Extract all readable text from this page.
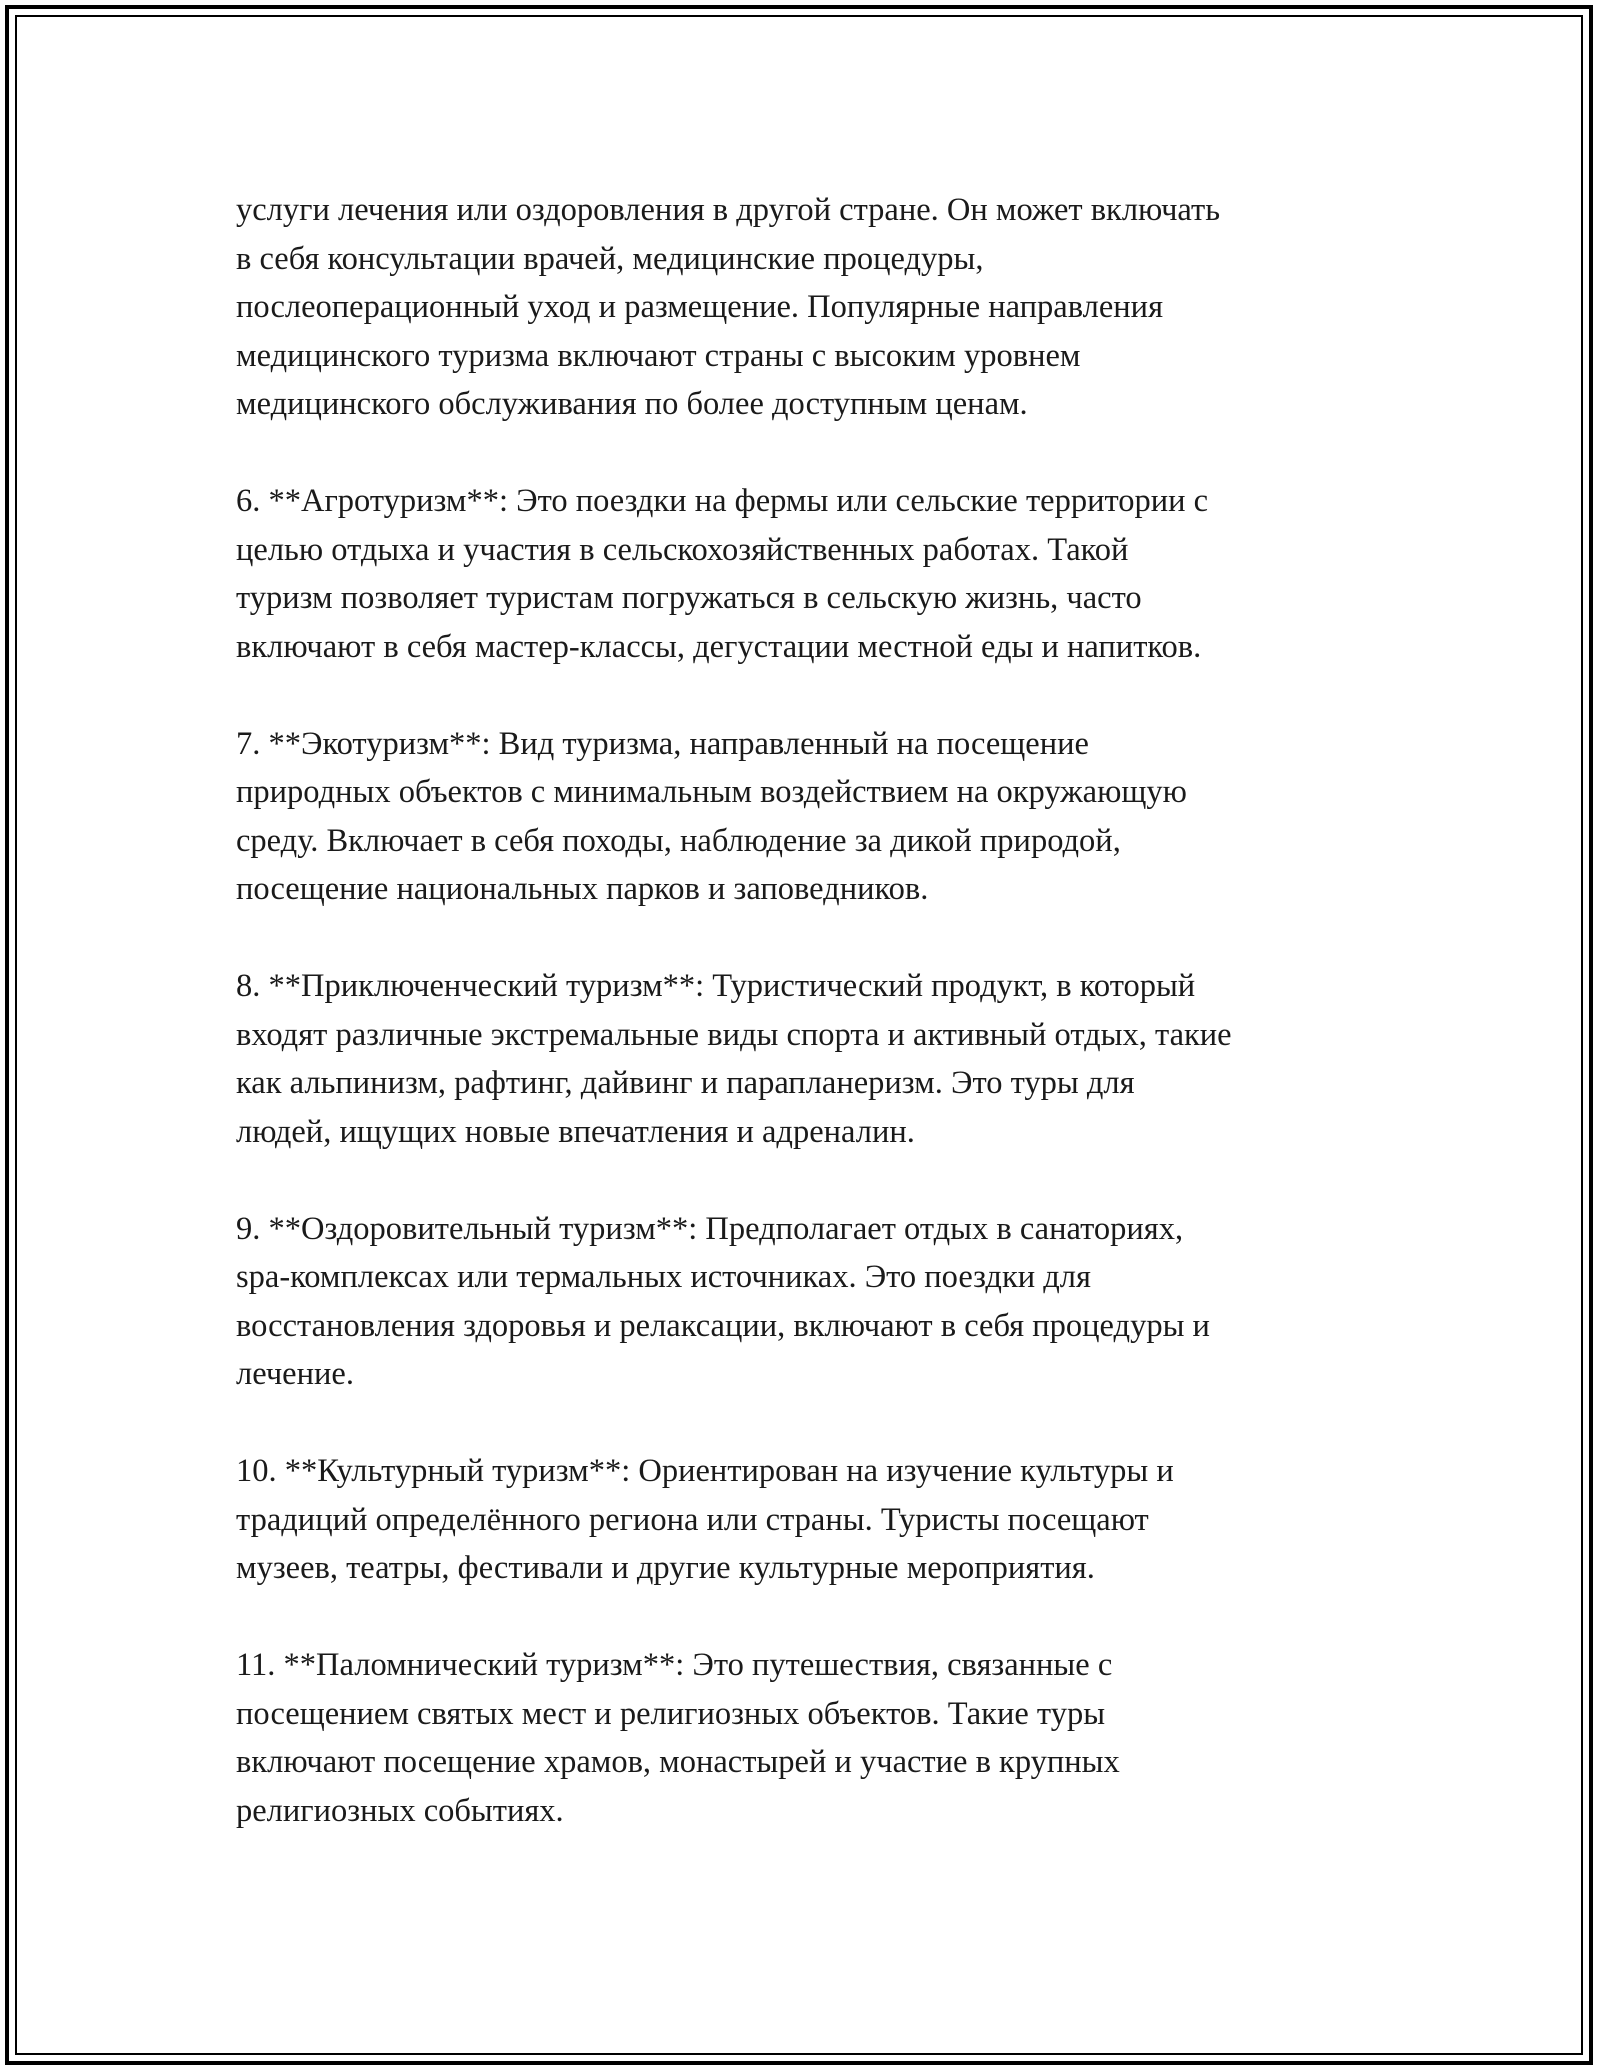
услуги лечения или оздоровления в другой стране. Он может включать
в себя консультации врачей, медицинские процедуры,
послеоперационный уход и размещение. Популярные направления
медицинского туризма включают страны с высоким уровнем
медицинского обслуживания по более доступным ценам.
6. **Агротуризм**: Это поездки на фермы или сельские территории с
целью отдыха и участия в сельскохозяйственных работах. Такой
туризм позволяет туристам погружаться в сельскую жизнь, часто
включают в себя мастер-классы, дегустации местной еды и напитков.
7. **Экотуризм**: Вид туризма, направленный на посещение
природных объектов с минимальным воздействием на окружающую
среду. Включает в себя походы, наблюдение за дикой природой,
посещение национальных парков и заповедников.
8. **Приключенческий туризм**: Туристический продукт, в который
входят различные экстремальные виды спорта и активный отдых, такие
как альпинизм, рафтинг, дайвинг и парапланеризм. Это туры для
людей, ищущих новые впечатления и адреналин.
9. **Оздоровительный туризм**: Предполагает отдых в санаториях,
spa-комплексах или термальных источниках. Это поездки для
восстановления здоровья и релаксации, включают в себя процедуры и
лечение.
10. **Культурный туризм**: Ориентирован на изучение культуры и
традиций определённого региона или страны. Туристы посещают
музеев, театры, фестивали и другие культурные мероприятия.
11. **Паломнический туризм**: Это путешествия, связанные с
посещением святых мест и религиозных объектов. Такие туры
включают посещение храмов, монастырей и участие в крупных
религиозных событиях.
